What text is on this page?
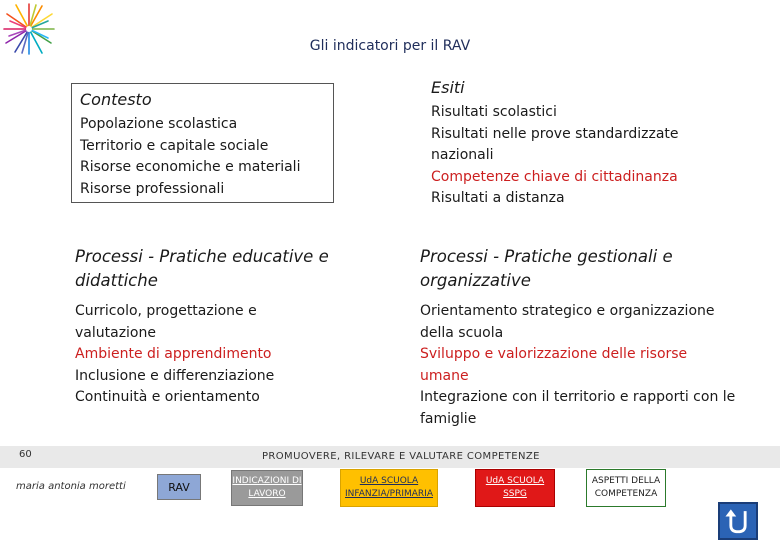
Gli indicatori per il RAV
Contesto
Popolazione scolastica
Territorio e capitale sociale
Risorse economiche e materiali
Risorse professionali
Esiti
Risultati scolastici
Risultati nelle prove standardizzate
nazionali
Competenze chiave di cittadinanza
Risultati a distanza
Processi - Pratiche educative e didattiche
Curricolo, progettazione e valutazione
Ambiente di apprendimento
Inclusione e differenziazione
Continuità e orientamento
Processi - Pratiche gestionali e organizzative
Orientamento strategico e organizzazione della scuola
Sviluppo e valorizzazione delle risorse umane
Integrazione con il territorio e rapporti con le famiglie
60	PROMUOVERE, RILEVARE E VALUTARE COMPETENZE
maria antonia moretti	RAV	INDICAZIONI DI LAVORO
UdA SCUOLA INFANZIA/PRIMARIA
UdA SCUOLA SSPG
ASPETTI DELLA COMPETENZA
